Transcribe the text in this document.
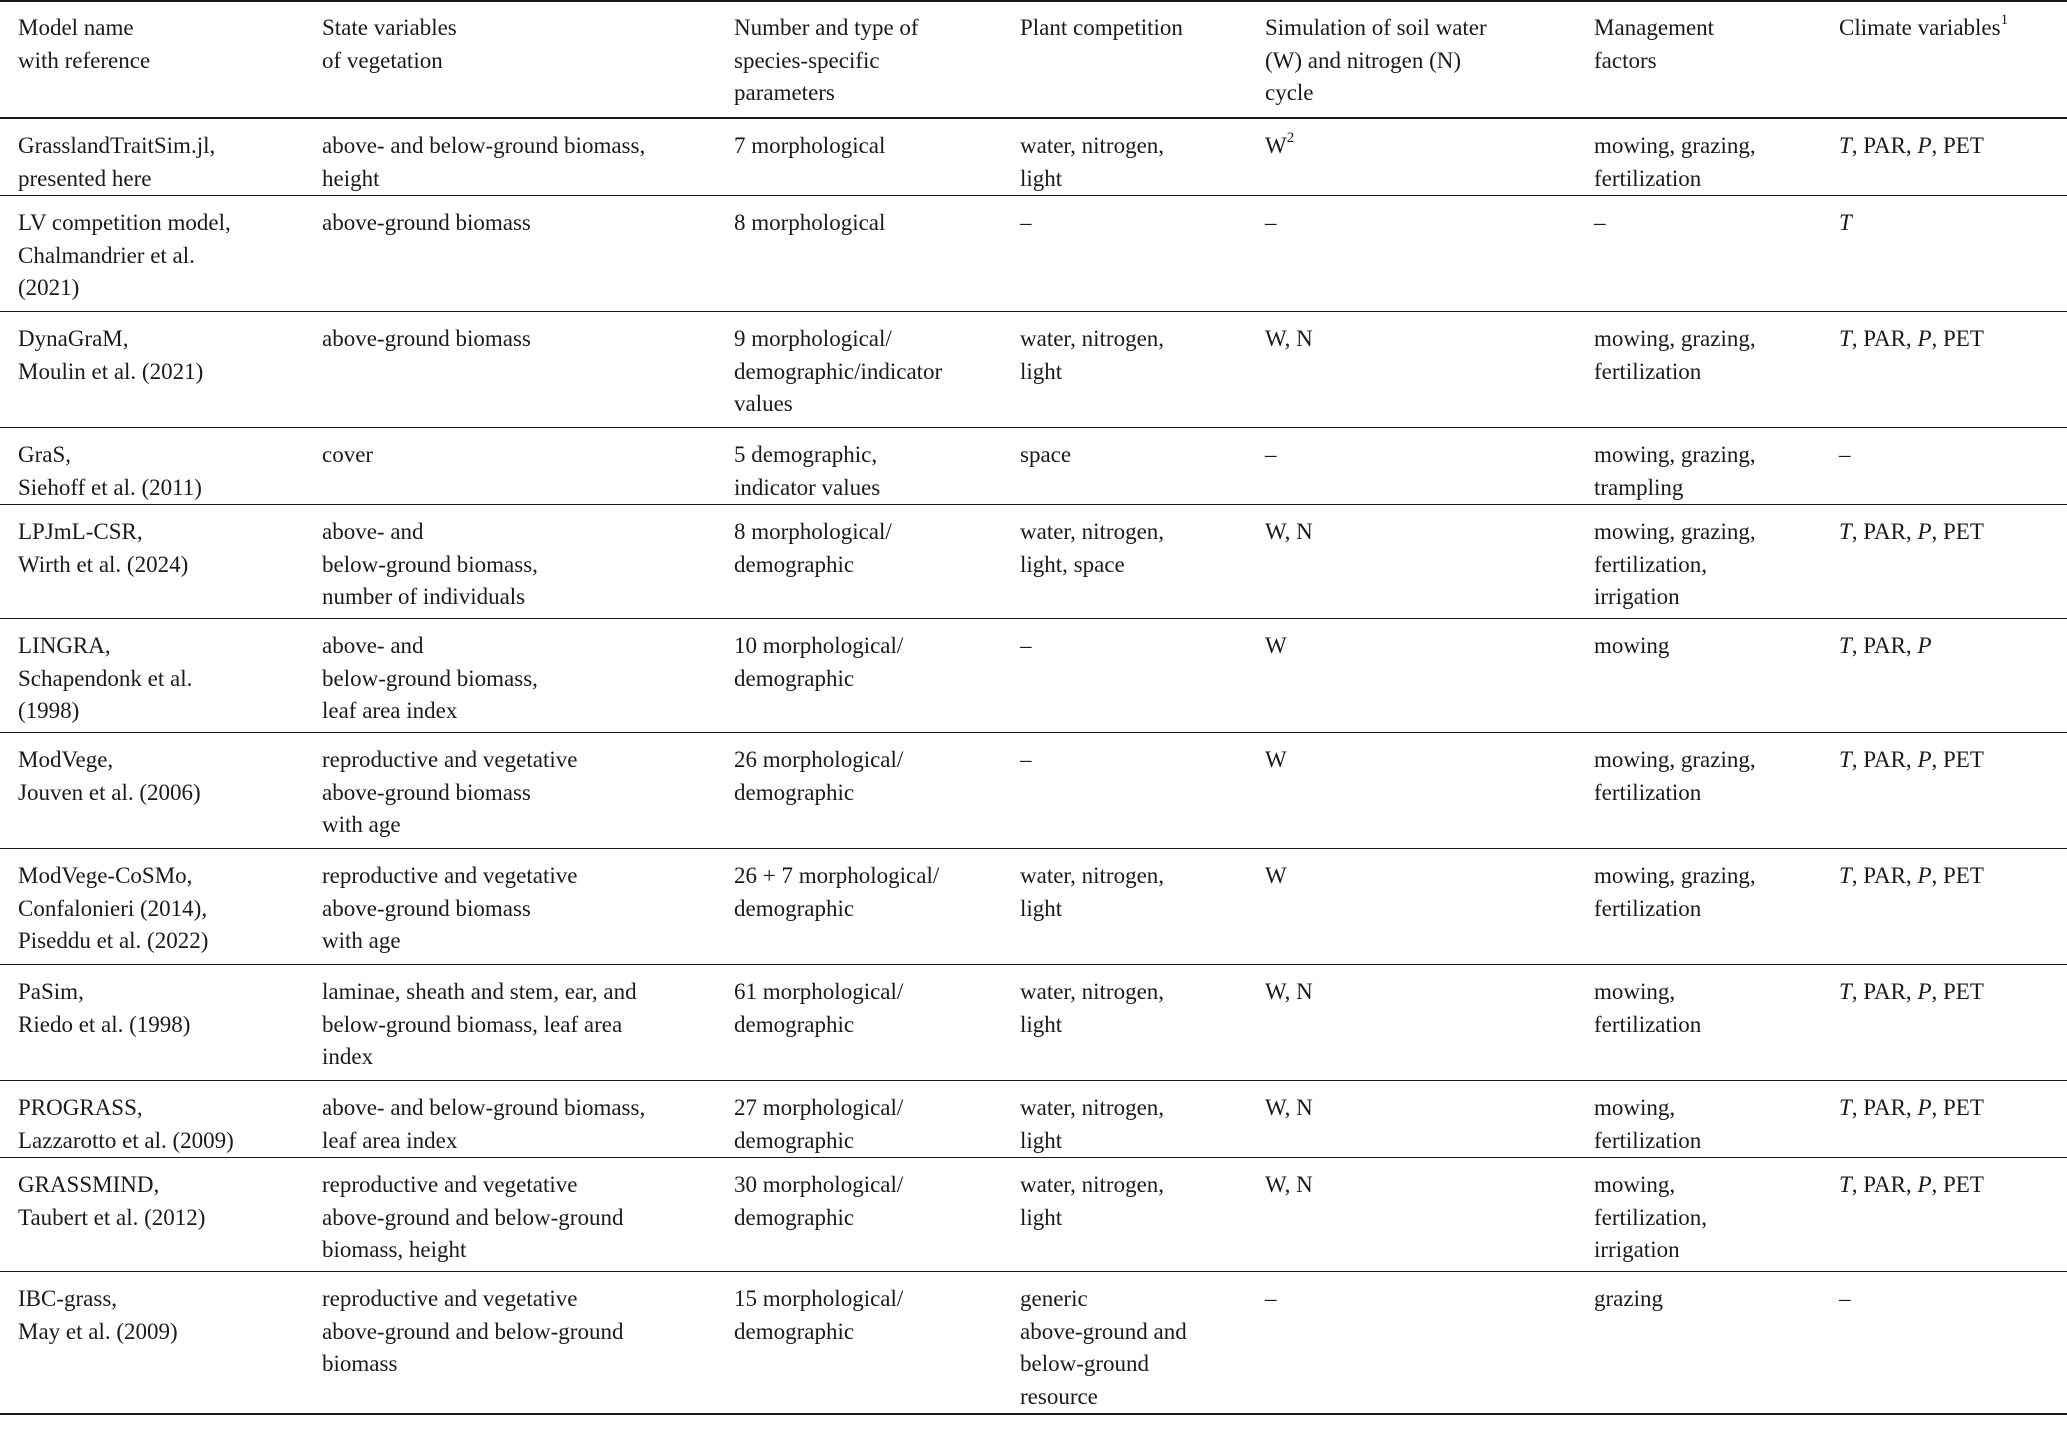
Model name
with reference	State variables
of vegetation	Number and type of
species-specific
parameters	Plant competition	Simulation of soil water
(W) and nitrogen (N)
cycle	Management
factors	Climate variables$^1$

GrasslandTraitSim.jl,
presented here	above- and below-ground biomass,
height	7 morphological	water, nitrogen,
light	$W^2$	mowing, grazing,
fertilization	T, PAR, P, PET

LV competition model,
Chalmandrier et al.
(2021)	above-ground biomass	8 morphological	–	–	–	T

DynaGraM,
Moulin et al. (2021)	above-ground biomass	9 morphological/
demographic/indicator
values	water, nitrogen,
light	W, N	mowing, grazing,
fertilization	T, PAR, P, PET

GraS,
Siehoff et al. (2011)	cover	5 demographic,
indicator values	space	–	mowing, grazing,
trampling	–

LPJmL-CSR,
Wirth et al. (2024)	above- and
below-ground biomass,
number of individuals	8 morphological/
demographic	water, nitrogen,
light, space	W, N	mowing, grazing,
fertilization,
irrigation	T, PAR, P, PET

LINGRA,
Schapendonk et al.
(1998)	above- and
below-ground biomass,
leaf area index	10 morphological/
demographic	–	W	mowing	T, PAR, P

ModVege,
Jouven et al. (2006)	reproductive and vegetative
above-ground biomass
with age	26 morphological/
demographic	–	W	mowing, grazing,
fertilization	T, PAR, P, PET

ModVege-CoSMo,
Confalonieri (2014),
Piseddu et al. (2022)	reproductive and vegetative
above-ground biomass
with age	26 + 7 morphological/
demographic	water, nitrogen,
light	W	mowing, grazing,
fertilization	T, PAR, P, PET

PaSim,
Riedo et al. (1998)	laminae, sheath and stem, ear, and
below-ground biomass, leaf area
index	61 morphological/
demographic	water, nitrogen,
light	W, N	mowing,
fertilization	T, PAR, P, PET

PROGRASS,
Lazzarotto et al. (2009)	above- and below-ground biomass,
leaf area index	27 morphological/
demographic	water, nitrogen,
light	W, N	mowing,
fertilization	T, PAR, P, PET

GRASSMIND,
Taubert et al. (2012)	reproductive and vegetative
above-ground and below-ground
biomass, height	30 morphological/
demographic	water, nitrogen,
light	W, N	mowing,
fertilization,
irrigation	T, PAR, P, PET

IBC-grass,
May et al. (2009)	reproductive and vegetative
above-ground and below-ground
biomass	15 morphological/
demographic	generic
above-ground and
below-ground
resource	–	grazing	–
